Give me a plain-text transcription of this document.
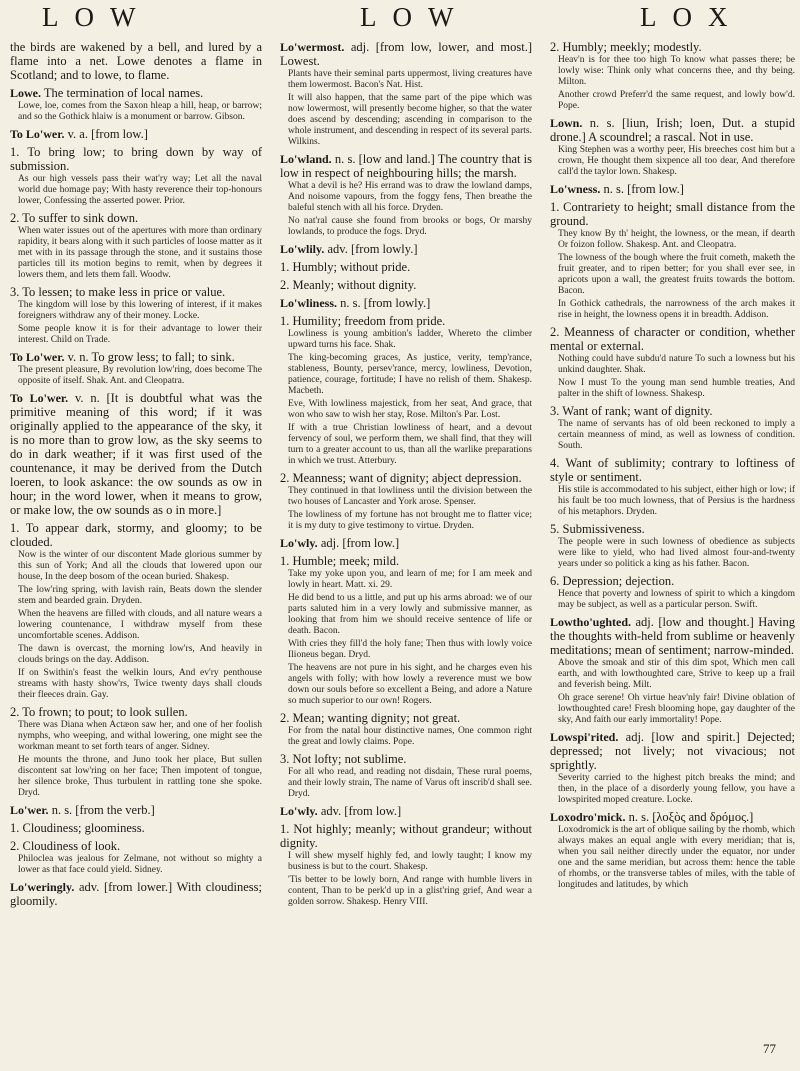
LOW	LOW	LOX
the birds are wakened by a bell, and lured by a flame into a net. Lowe denotes a flame in Scotland; and to lowe, to flame.
Lowe. The termination of local names.
Lowe, loe, comes from the Saxon hleap a hill, heap, or barrow; and so the Gothick hlaiw is a monument or barrow. Gibson.
To Lo'wer. v. a. [from low.]
1. To bring low; to bring down by way of submission.
As our high vessels pass their wat'ry way; Let all the naval world due homage pay; With hasty reverence their top-honours lower, Confessing the asserted power. Prior.
2. To suffer to sink down.
When water issues out of the apertures with more than ordinary rapidity, it bears along with it such particles of loose matter as it met with in its passage through the stone, and it sustains those particles till its motion begins to remit, when by degrees it lowers them, and lets them fall. Woodw.
3. To lessen; to make less in price or value.
The kingdom will lose by this lowering of interest, if it makes foreigners withdraw any of their money. Locke.
Some people know it is for their advantage to lower their interest. Child on Trade.
To Lo'wer. v. n. To grow less; to fall; to sink.
The present pleasure, By revolution low'ring, does become The opposite of itself. Shak. Ant. and Cleopatra.
To Lo'wer. v. n. [It is doubtful what was the primitive meaning of this word; if it was originally applied to the appearance of the sky, it is no more than to grow low, as the sky seems to do in dark weather; if it was first used of the countenance, it may be derived from the Dutch loeren, to look askance: the ow sounds as ow in hour; in the word lower, when it means to grow, or make low, the ow sounds as o in more.]
1. To appear dark, stormy, and gloomy; to be clouded.
Now is the winter of our discontent Made glorious summer by this sun of York; And all the clouds that lowered upon our house, In the deep bosom of the ocean buried. Shakesp.
The low'ring spring, with lavish rain, Beats down the slender stem and bearded grain. Dryden.
When the heavens are filled with clouds, and all nature wears a lowering countenance, I withdraw myself from these uncomfortable scenes. Addison.
The dawn is overcast, the morning low'rs, And heavily in clouds brings on the day. Addison.
If on Swithin's feast the welkin lours, And ev'ry penthouse streams with hasty show'rs, Twice twenty days shall clouds their fleeces drain. Gay.
2. To frown; to pout; to look sullen.
There was Diana when Actæon saw her, and one of her foolish nymphs, who weeping, and withal lowering, one might see the workman meant to set forth tears of anger. Sidney.
He mounts the throne, and Juno took her place, But sullen discontent sat low'ring on her face; Then impotent of tongue, her silence broke, Thus turbulent in rattling tone she spoke. Dryd.
Lo'wer. n. s. [from the verb.]
1. Cloudiness; gloominess.
2. Cloudiness of look.
Philoclea was jealous for Zelmane, not without so mighty a lower as that face could yield. Sidney.
Lo'weringly. adv. [from lower.] With cloudiness; gloomily.
Lo'wermost. adj. [from low, lower, and most.] Lowest.
Plants have their seminal parts uppermost, living creatures have them lowermost. Bacon's Nat. Hist.
It will also happen, that the same part of the pipe which was now lowermost, will presently become higher, so that the water does ascend by descending; ascending in comparison to the whole instrument, and descending in respect of its several parts. Wilkins.
Lo'wland. n. s. [low and land.] The country that is low in respect of neighbouring hills; the marsh.
What a devil is he? His errand was to draw the lowland damps, And noisome vapours, from the foggy fens, Then breathe the baleful stench with all his force. Dryden.
No nat'ral cause she found from brooks or bogs, Or marshy lowlands, to produce the fogs. Dryd.
Lo'wlily. adv. [from lowly.]
1. Humbly; without pride.
2. Meanly; without dignity.
Lo'wliness. n. s. [from lowly.]
1. Humility; freedom from pride.
Lowliness is young ambition's ladder, Whereto the climber upward turns his face. Shak.
The king-becoming graces, As justice, verity, temp'rance, stableness, Bounty, persev'rance, mercy, lowliness, Devotion, patience, courage, fortitude; I have no relish of them. Shakesp. Macbeth.
Eve, With lowliness majestick, from her seat, And grace, that won who saw to wish her stay, Rose. Milton's Par. Lost.
If with a true Christian lowliness of heart, and a devout fervency of soul, we perform them, we shall find, that they will turn to a greater account to us, than all the warlike preparations in which we trust. Atterbury.
2. Meanness; want of dignity; abject depression.
They continued in that lowliness until the division between the two houses of Lancaster and York arose. Spenser.
The lowliness of my fortune has not brought me to flatter vice; it is my duty to give testimony to virtue. Dryden.
Lo'wly. adj. [from low.]
1. Humble; meek; mild.
Take my yoke upon you, and learn of me; for I am meek and lowly in heart. Matt. xi. 29.
He did bend to us a little, and put up his arms abroad: we of our parts saluted him in a very lowly and submissive manner, as looking that from him we should receive sentence of life or death. Bacon.
With cries they fill'd the holy fane; Then thus with lowly voice Ilioneus began. Dryd.
The heavens are not pure in his sight, and he charges even his angels with folly; with how lowly a reverence must we bow down our souls before so excellent a Being, and adore a Nature so much superior to our own! Rogers.
2. Mean; wanting dignity; not great.
For from the natal hour distinctive names, One common right the great and lowly claims. Pope.
3. Not lofty; not sublime.
For all who read, and reading not disdain, These rural poems, and their lowly strain, The name of Varus oft inscrib'd shall see. Dryd.
Lo'wly. adv. [from low.]
1. Not highly; meanly; without grandeur; without dignity.
I will shew myself highly fed, and lowly taught; I know my business is but to the court. Shakesp.
'Tis better to be lowly born, And range with humble livers in content, Than to be perk'd up in a glist'ring grief, And wear a golden sorrow. Shakesp. Henry VIII.
2. Humbly; meekly; modestly.
Heav'n is for thee too high To know what passes there; be lowly wise: Think only what concerns thee, and thy being. Milton.
Another crowd Preferr'd the same request, and lowly bow'd. Pope.
Lown. n. s. [liun, Irish; loen, Dut. a stupid drone.] A scoundrel; a rascal. Not in use.
King Stephen was a worthy peer, His breeches cost him but a crown, He thought them sixpence all too dear, And therefore call'd the taylor lown. Shakesp.
Lo'wness. n. s. [from low.]
1. Contrariety to height; small distance from the ground.
They know By th' height, the lowness, or the mean, if dearth Or foizon follow. Shakesp. Ant. and Cleopatra.
The lowness of the bough where the fruit cometh, maketh the fruit greater, and to ripen better; for you shall ever see, in apricots upon a wall, the greatest fruits towards the bottom. Bacon.
In Gothick cathedrals, the narrowness of the arch makes it rise in height, the lowness opens it in breadth. Addison.
2. Meanness of character or condition, whether mental or external.
Nothing could have subdu'd nature To such a lowness but his unkind daughter. Shak.
Now I must To the young man send humble treaties, And palter in the shift of lowness. Shakesp.
3. Want of rank; want of dignity.
The name of servants has of old been reckoned to imply a certain meanness of mind, as well as lowness of condition. South.
4. Want of sublimity; contrary to loftiness of style or sentiment.
His stile is accommodated to his subject, either high or low; if his fault be too much lowness, that of Persius is the hardness of his metaphors. Dryden.
5. Submissiveness.
The people were in such lowness of obedience as subjects were like to yield, who had lived almost four-and-twenty years under so politick a king as his father. Bacon.
6. Depression; dejection.
Hence that poverty and lowness of spirit to which a kingdom may be subject, as well as a particular person. Swift.
Lowtho'ughted. adj. [low and thought.] Having the thoughts with-held from sublime or heavenly meditations; mean of sentiment; narrow-minded.
Above the smoak and stir of this dim spot, Which men call earth, and with lowthoughted care, Strive to keep up a frail and feverish being. Milt.
Oh grace serene! Oh virtue heav'nly fair! Divine oblation of lowthoughted care! Fresh blooming hope, gay daughter of the sky, And faith our early immortality! Pope.
Lowspi'rited. adj. [low and spirit.] Dejected; depressed; not lively; not vivacious; not sprightly.
Severity carried to the highest pitch breaks the mind; and then, in the place of a disorderly young fellow, you have a lowspirited moped creature. Locke.
Loxodro'mick. n. s. [λοξὸς and δρόμος.]
Loxodromick is the art of oblique sailing by the rhomb, which always makes an equal angle with every meridian; that is, when you sail neither directly under the equator, nor under one and the same meridian, but across them: hence the table of rhombs, or the transverse tables of miles, with the table of longitudes and latitudes, by which
77
